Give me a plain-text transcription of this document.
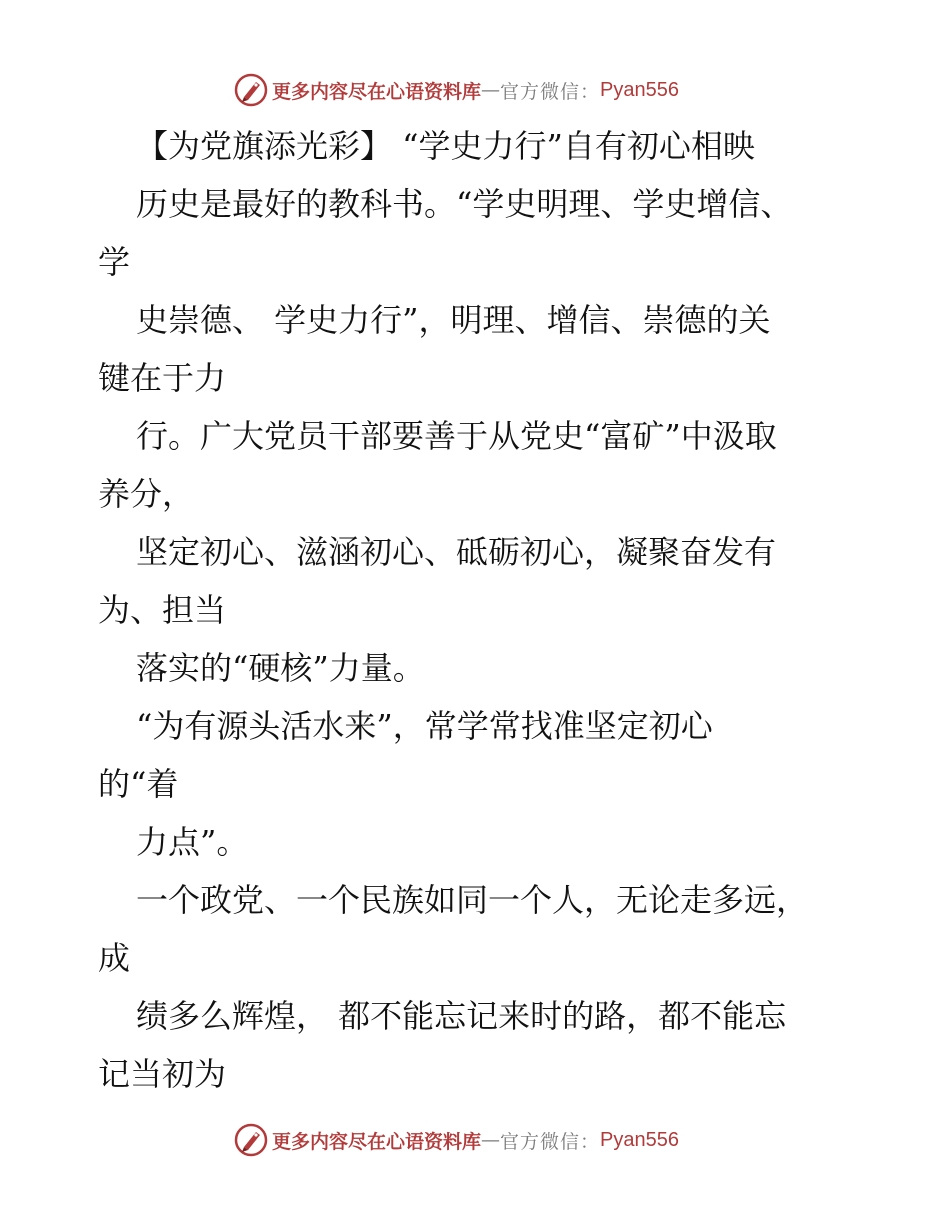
更多内容尽在心语资料库 — 官方微信： Pyan556
【为党旗添光彩】 “学史力行”自有初心相映
历史是最好的教科书。“学史明理、学史增信、
学
史崇德、 学史力行”，明理、增信、崇德的关
键在于力
行。广大党员干部要善于从党史“富矿”中汲取
养分，
坚定初心、滋涵初心、砥砺初心，凝聚奋发有
为、担当
落实的“硬核”力量。
“为有源头活水来”，常学常找准坚定初心
的“着
力点”。
一个政党、一个民族如同一个人，无论走多远，
成
绩多么辉煌， 都不能忘记来时的路，都不能忘
记当初为
更多内容尽在心语资料库 — 官方微信： Pyan556
